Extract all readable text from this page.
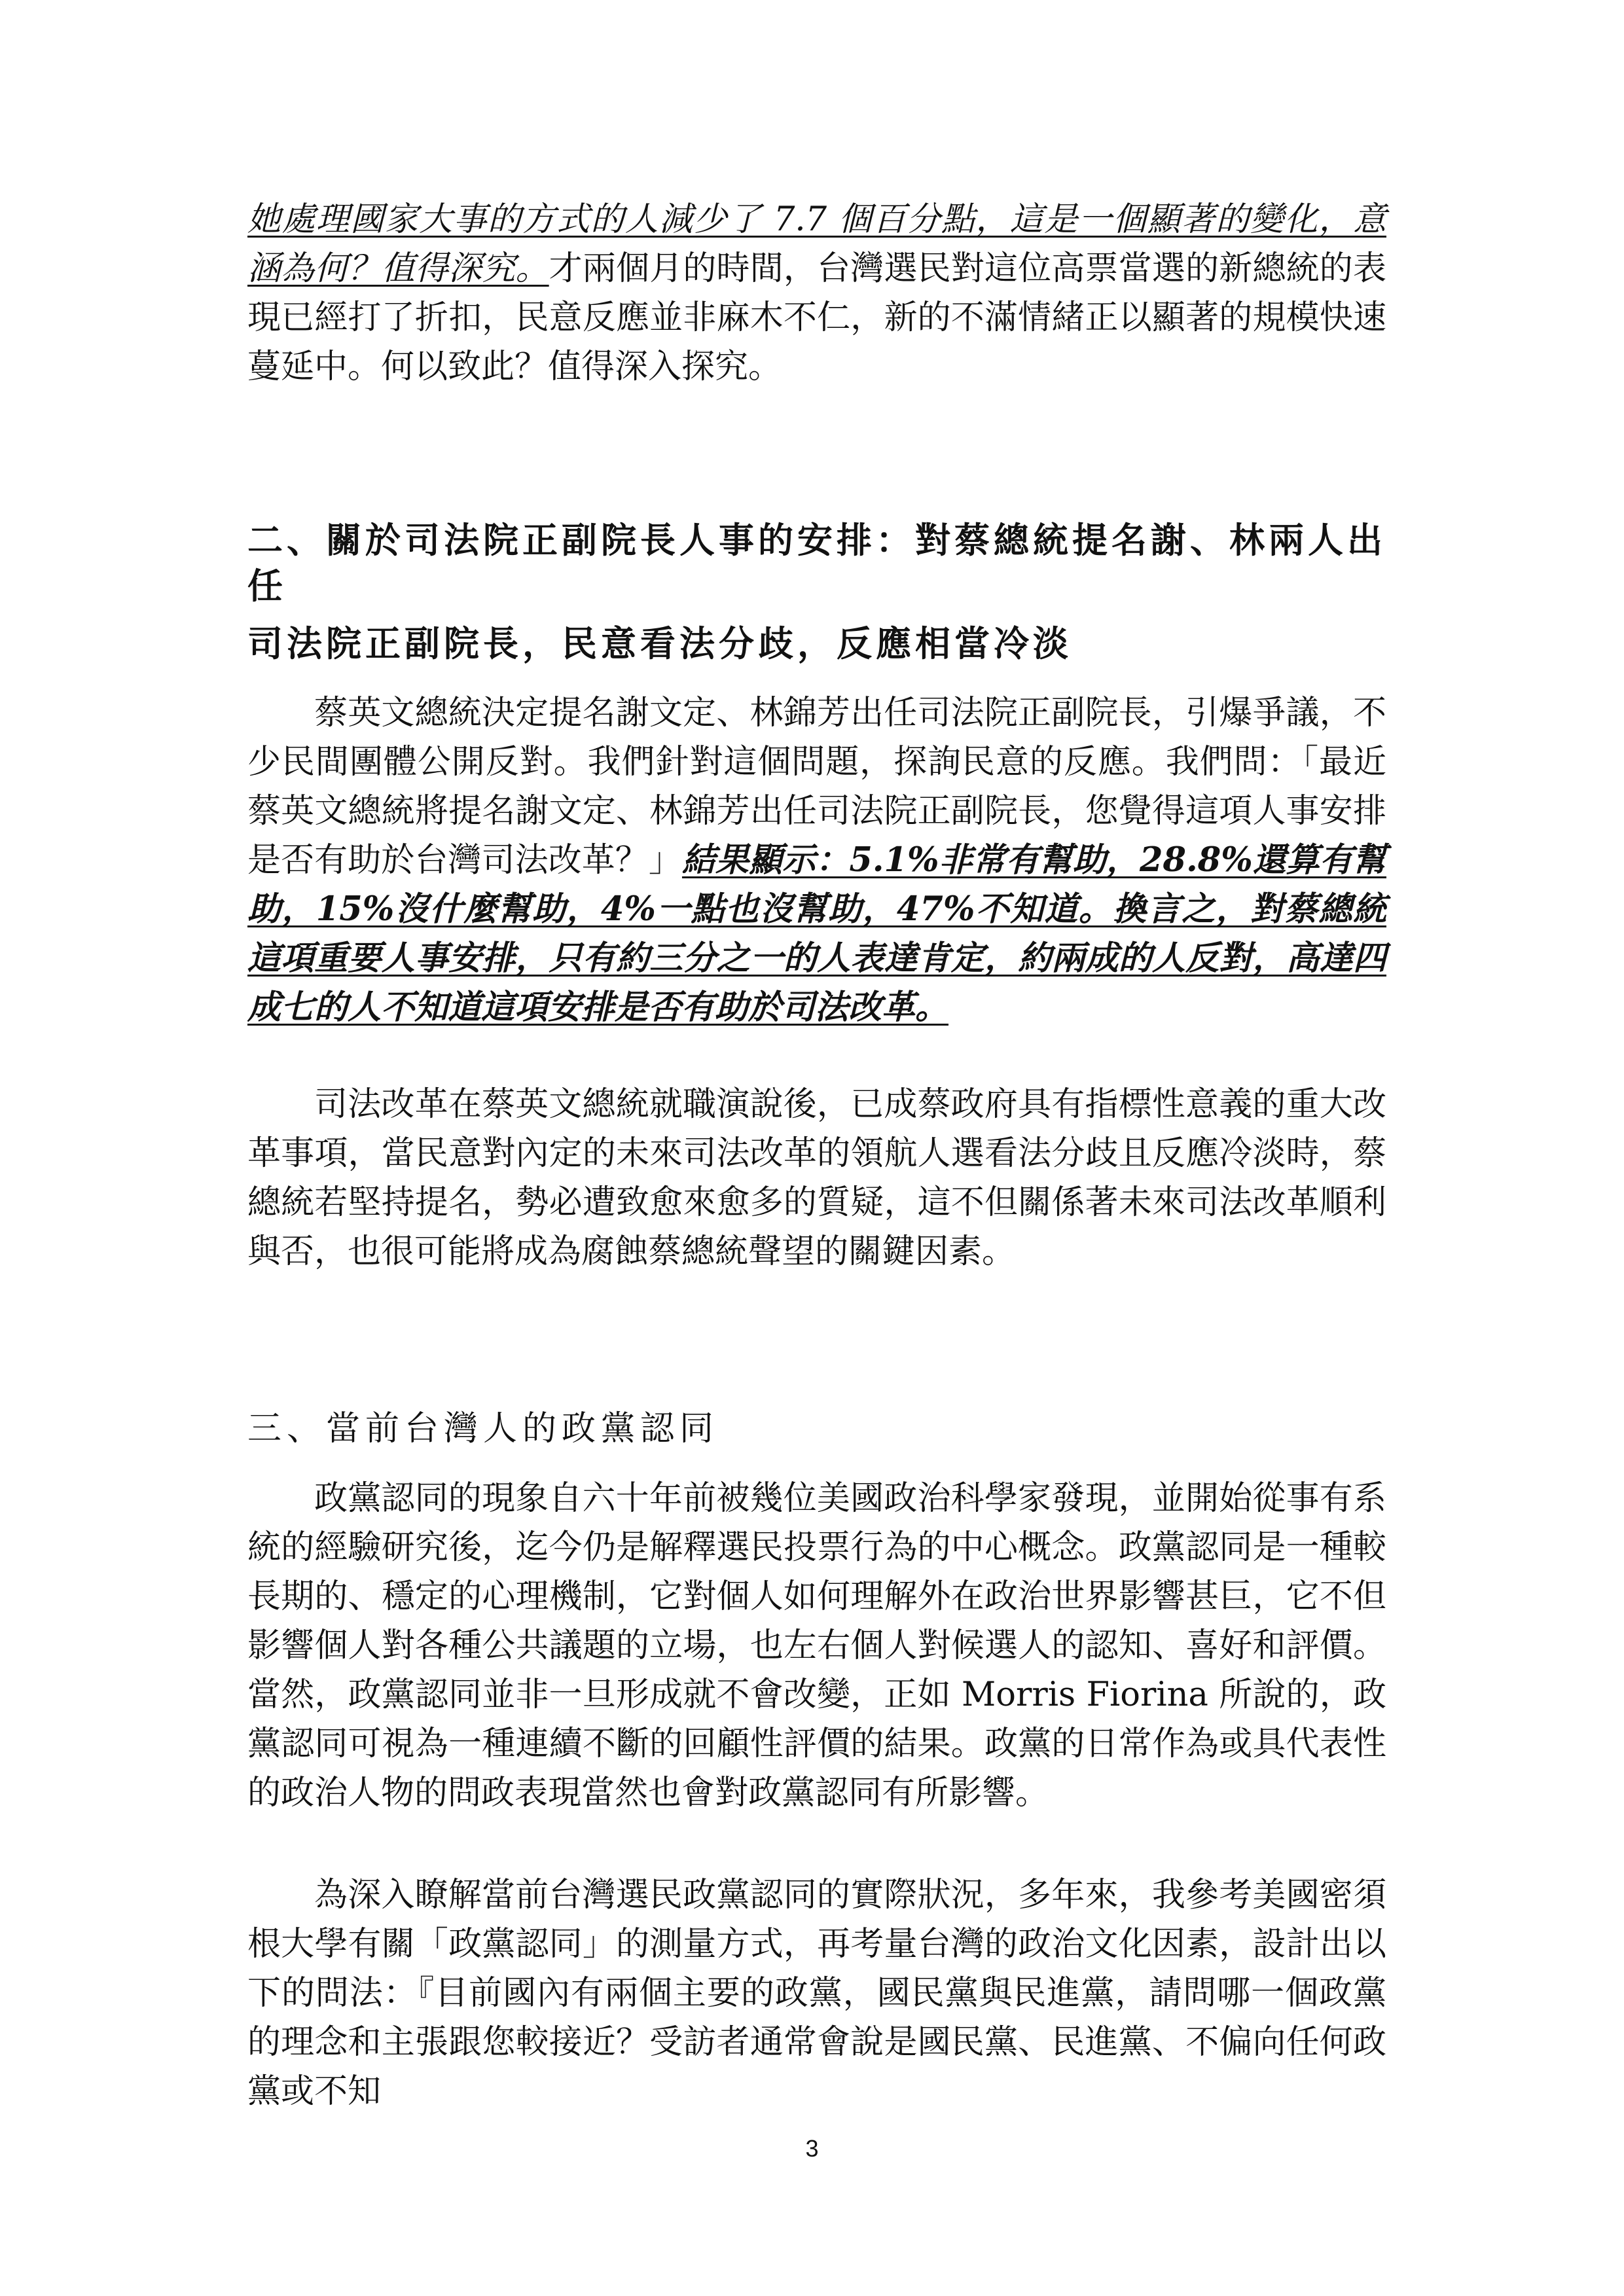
她處理國家大事的方式的人減少了 7.7 個百分點，這是一個顯著的變化，意涵為何？值得深究。才兩個月的時間，台灣選民對這位高票當選的新總統的表現已經打了折扣，民意反應並非麻木不仁，新的不滿情緒正以顯著的規模快速蔓延中。何以致此？值得深入探究。

二、關於司法院正副院長人事的安排：對蔡總統提名謝、林兩人出任
司法院正副院長，民意看法分歧，反應相當冷淡

蔡英文總統決定提名謝文定、林錦芳出任司法院正副院長，引爆爭議，不少民間團體公開反對。我們針對這個問題，探詢民意的反應。我們問：「最近蔡英文總統將提名謝文定、林錦芳出任司法院正副院長，您覺得這項人事安排是否有助於台灣司法改革？」結果顯示：5.1%非常有幫助，28.8%還算有幫助，15%沒什麼幫助，4%一點也沒幫助，47%不知道。換言之，對蔡總統這項重要人事安排，只有約三分之一的人表達肯定，約兩成的人反對，高達四成七的人不知道這項安排是否有助於司法改革。

司法改革在蔡英文總統就職演說後，已成蔡政府具有指標性意義的重大改革事項，當民意對內定的未來司法改革的領航人選看法分歧且反應冷淡時，蔡總統若堅持提名，勢必遭致愈來愈多的質疑，這不但關係著未來司法改革順利與否，也很可能將成為腐蝕蔡總統聲望的關鍵因素。

三、當前台灣人的政黨認同

政黨認同的現象自六十年前被幾位美國政治科學家發現，並開始從事有系統的經驗研究後，迄今仍是解釋選民投票行為的中心概念。政黨認同是一種較長期的、穩定的心理機制，它對個人如何理解外在政治世界影響甚巨，它不但影響個人對各種公共議題的立場，也左右個人對候選人的認知、喜好和評價。當然，政黨認同並非一旦形成就不會改變，正如 Morris Fiorina 所說的，政黨認同可視為一種連續不斷的回顧性評價的結果。政黨的日常作為或具代表性的政治人物的問政表現當然也會對政黨認同有所影響。

為深入瞭解當前台灣選民政黨認同的實際狀況，多年來，我參考美國密須根大學有關「政黨認同」的測量方式，再考量台灣的政治文化因素，設計出以下的問法：『目前國內有兩個主要的政黨，國民黨與民進黨，請問哪一個政黨的理念和主張跟您較接近？受訪者通常會說是國民黨、民進黨、不偏向任何政黨或不知

3
